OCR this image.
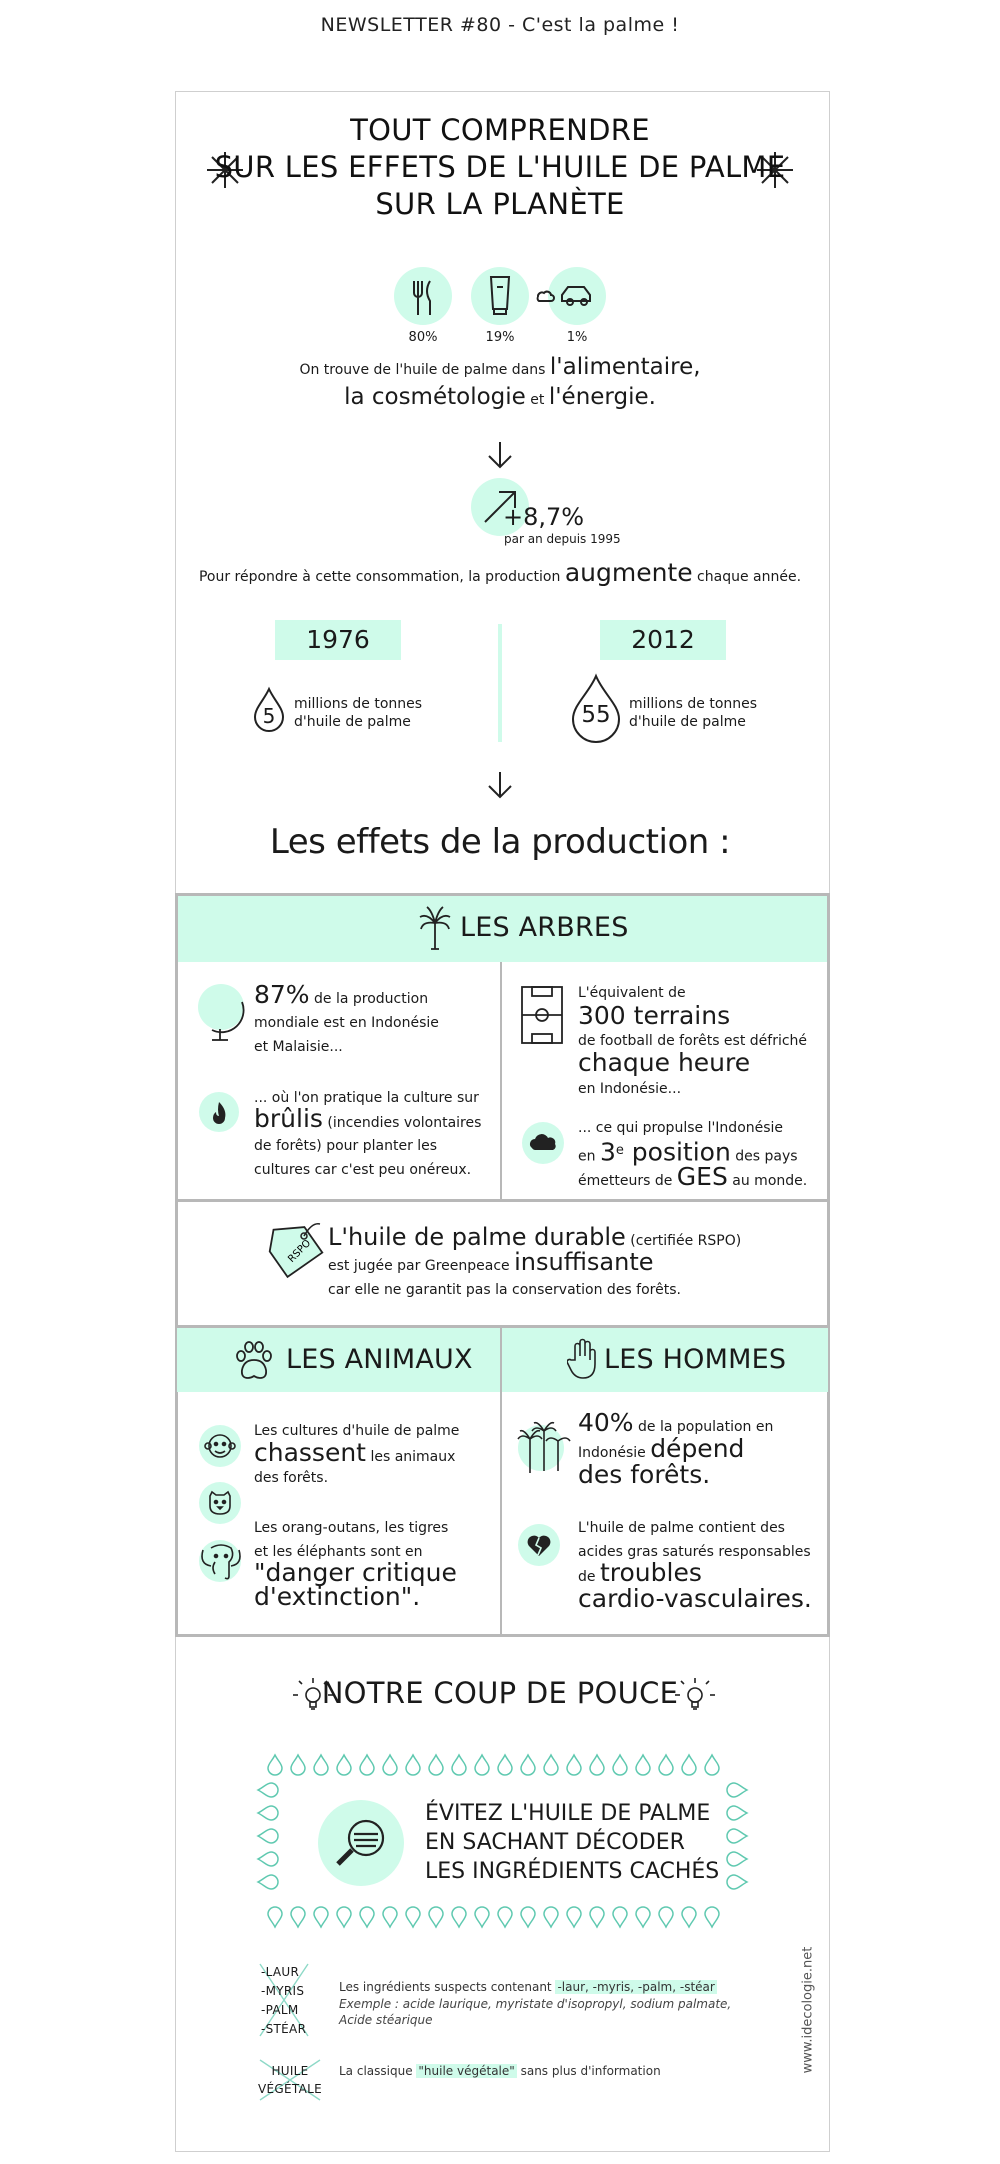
NEWSLETTER #80 - C'est la palme !
TOUT COMPRENDRE
SUR LES EFFETS DE L'HUILE DE PALME
SUR LA PLANÈTE
80%	19%	1%
On trouve de l'huile de palme dans l'alimentaire,
la cosmétologie et l'énergie.
+8,7%
par an depuis 1995
Pour répondre à cette consommation, la production augmente chaque année.
1976	2012
5	millions de tonnes
d'huile de palme	55	millions de tonnes
d'huile de palme
Les effets de la production :
LES ARBRES
87% de la production
mondiale est en Indonésie
et Malaisie...
... où l'on pratique la culture sur
brûlis (incendies volontaires
de forêts) pour planter les
cultures car c'est peu onéreux.
L'équivalent de
300 terrains
de football de forêts est défriché
chaque heure
en Indonésie...
... ce qui propulse l'Indonésie
en 3e position des pays
émetteurs de GES au monde.
RSPO
L'huile de palme durable (certifiée RSPO)
est jugée par Greenpeace insuffisante
car elle ne garantit pas la conservation des forêts.
LES ANIMAUX	LES HOMMES
Les cultures d'huile de palme
chassent les animaux
des forêts.
Les orang-outans, les tigres
et les éléphants sont en
"danger critique
d'extinction".
40% de la population en
Indonésie dépend
des forêts.
L'huile de palme contient des
acides gras saturés responsables
de troubles
cardio-vasculaires.
NOTRE COUP DE POUCE
ÉVITEZ L'HUILE DE PALME
EN SACHANT DÉCODER
LES INGRÉDIENTS CACHÉS
-LAUR
-MYRIS
-PALM
-STÉAR
Les ingrédients suspects contenant -laur, -myris, -palm, -stéar
Exemple : acide laurique, myristate d'isopropyl, sodium palmate, Acide stéarique
HUILE
VÉGÉTALE
La classique "huile végétale" sans plus d'information	www.idecologie.net
